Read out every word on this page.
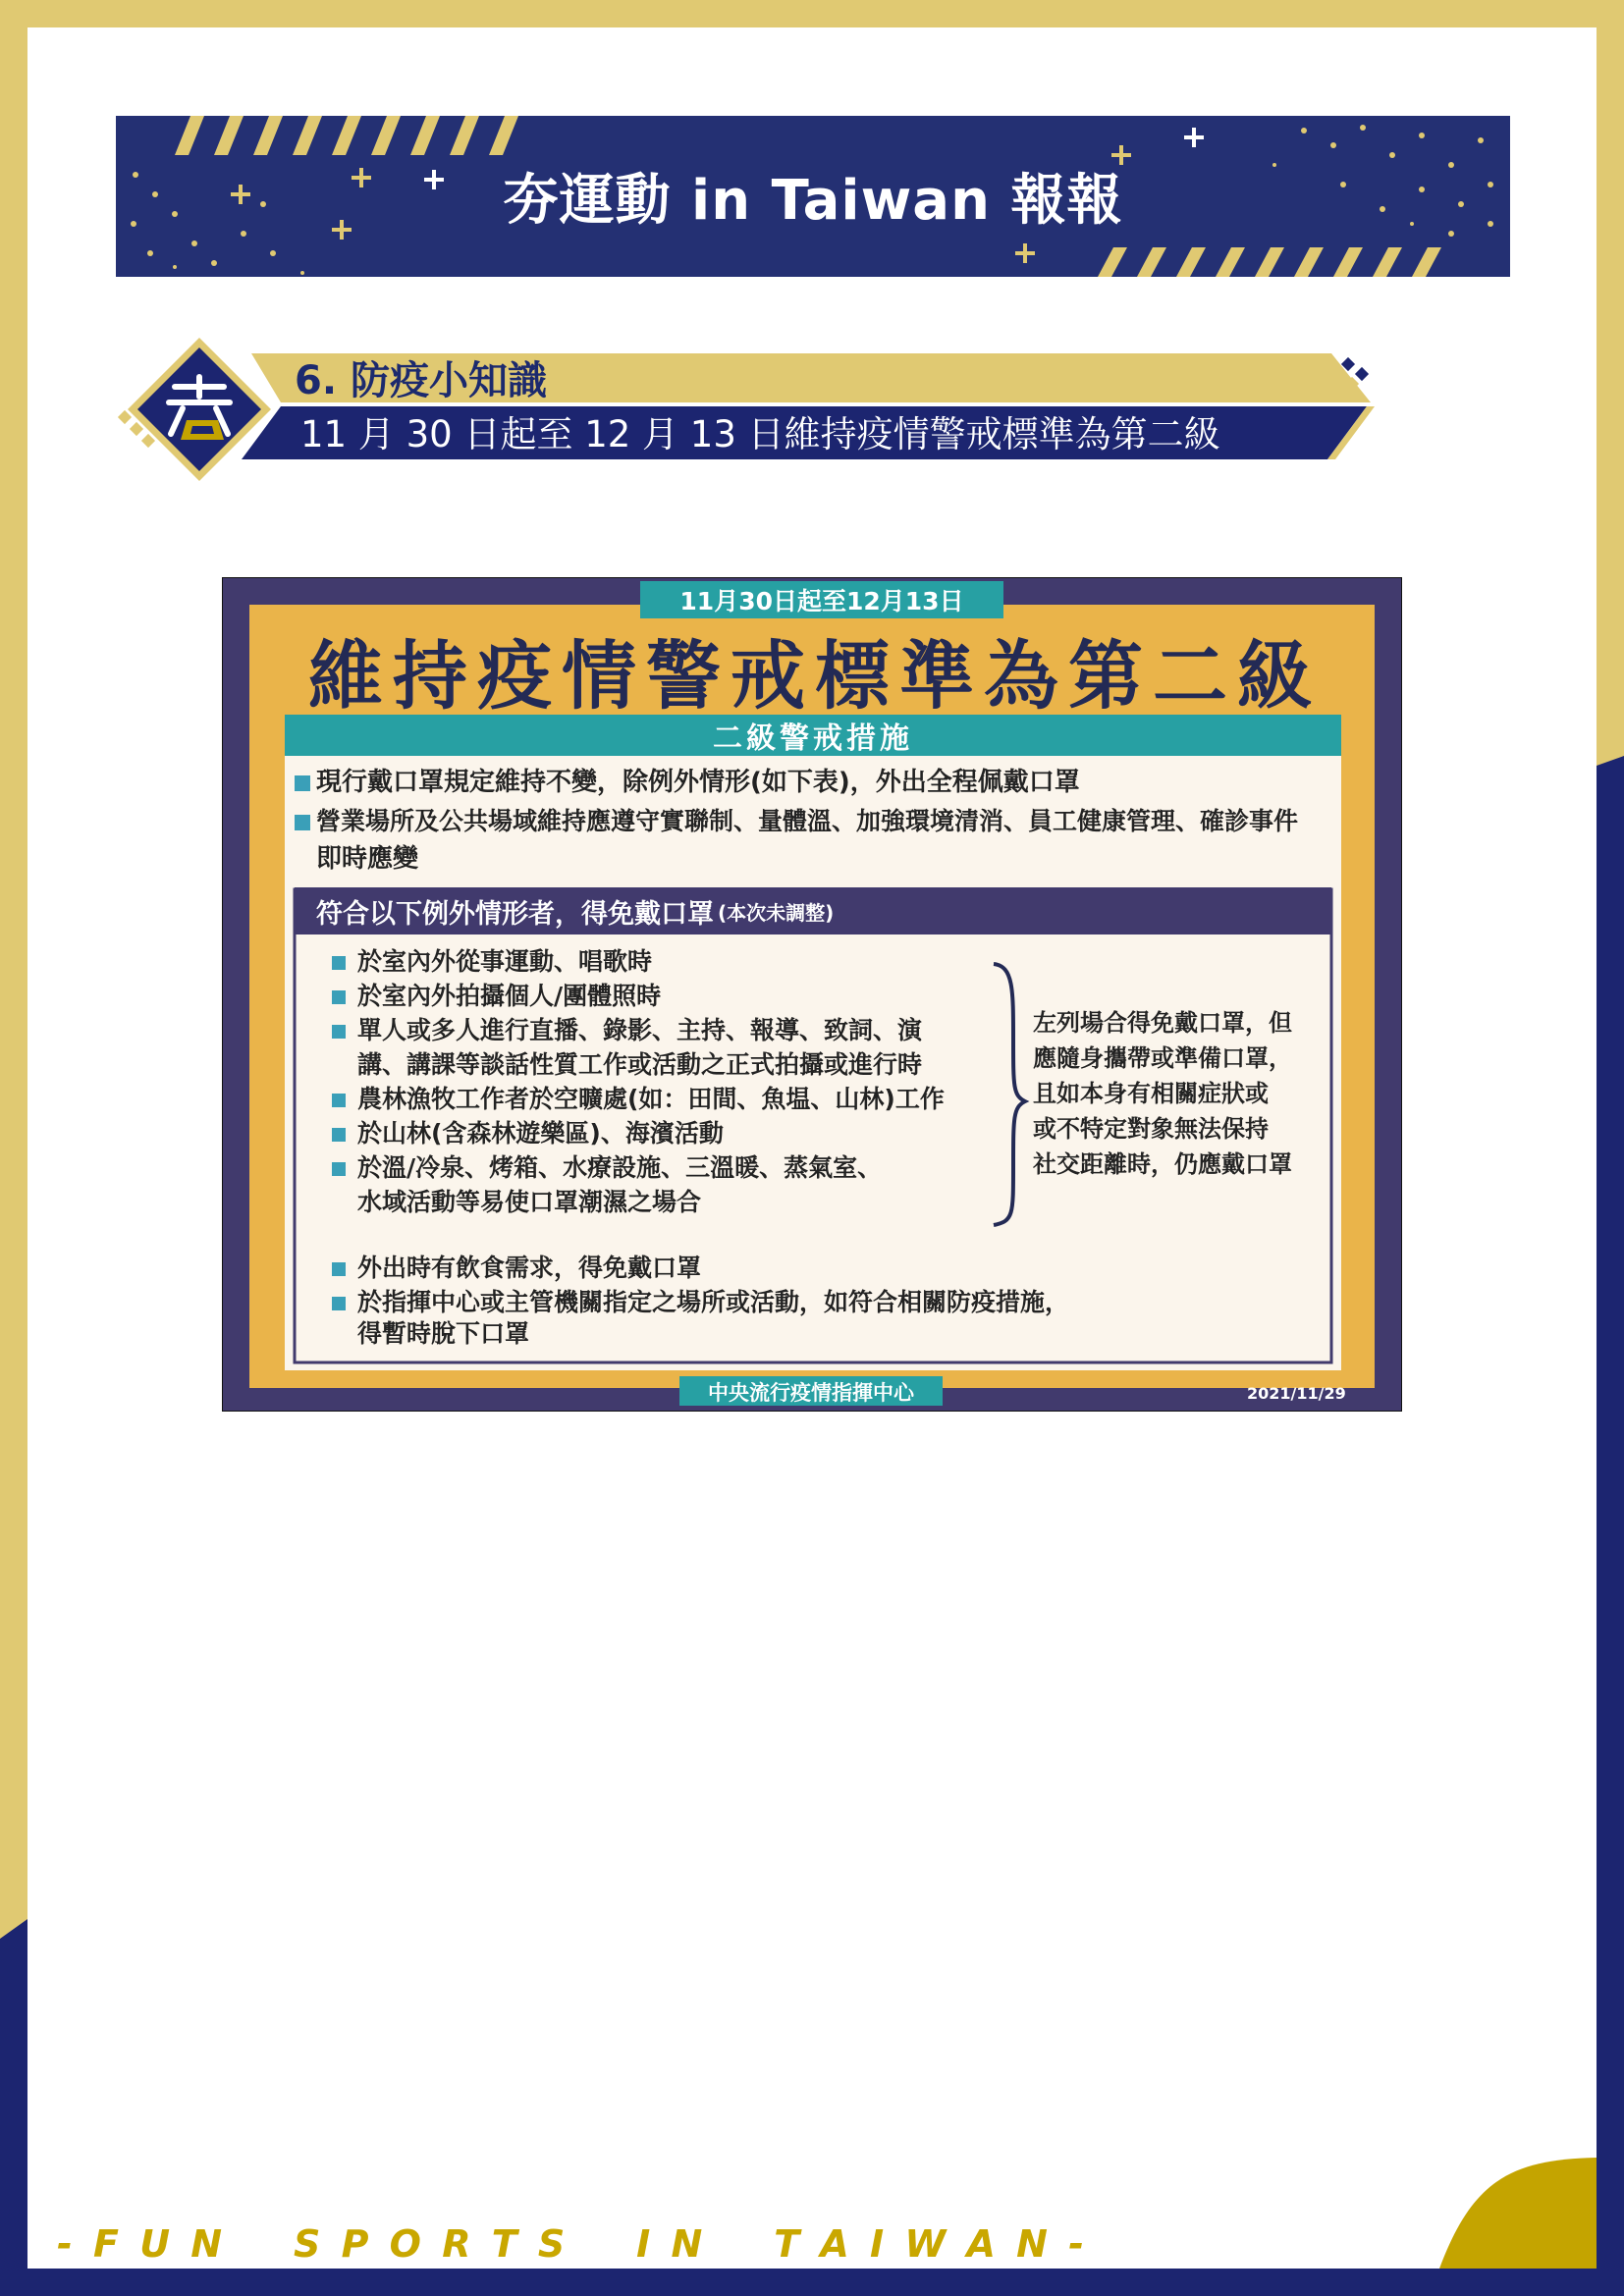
夯運動 in Taiwan 報報
6. 防疫小知識
11 月 30 日起至 12 月 13 日維持疫情警戒標準為第二級
11月30日起至12月13日
維持疫情警戒標準為第二級
二級警戒措施
現行戴口罩規定維持不變，除例外情形(如下表)，外出全程佩戴口罩
營業場所及公共場域維持應遵守實聯制、量體溫、加強環境清消、員工健康管理、確診事件
即時應變
符合以下例外情形者，得免戴口罩 (本次未調整)
於室內外從事運動、唱歌時
於室內外拍攝個人/團體照時
單人或多人進行直播、錄影、主持、報導、致詞、演
講、講課等談話性質工作或活動之正式拍攝或進行時
農林漁牧工作者於空曠處(如：田間、魚塭、山林)工作
於山林(含森林遊樂區)、海濱活動
於溫/冷泉、烤箱、水療設施、三溫暖、蒸氣室、
水域活動等易使口罩潮濕之場合
左列場合得免戴口罩，但
應隨身攜帶或準備口罩，
且如本身有相關症狀或
或不特定對象無法保持
社交距離時，仍應戴口罩
外出時有飲食需求，得免戴口罩
於指揮中心或主管機關指定之場所或活動，如符合相關防疫措施，
得暫時脫下口罩
中央流行疫情指揮中心	2021/11/29
- F U N    S P O R T S    I N    T A I W A N -
